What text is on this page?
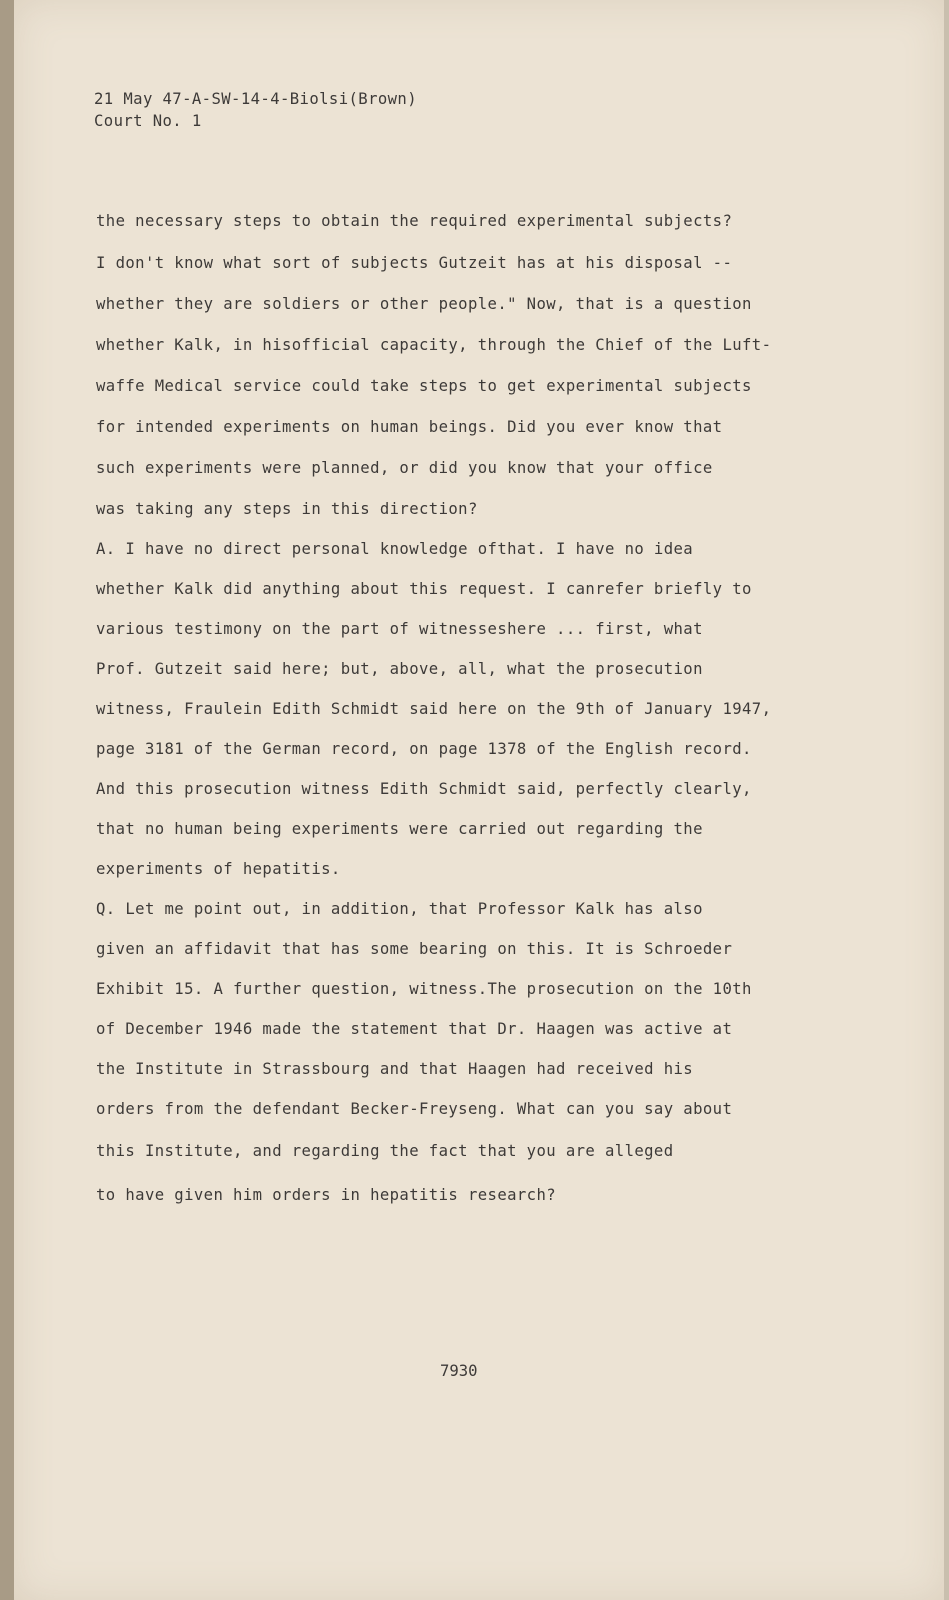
21 May 47-A-SW-14-4-Biolsi(Brown)
Court No. 1
the necessary steps to obtain the required experimental subjects?
I don't know what sort of subjects Gutzeit has at his disposal --
whether they are soldiers or other people." Now, that is a question
whether Kalk, in hisofficial capacity, through the Chief of the Luft-
waffe Medical service could take steps to get experimental subjects
for intended experiments on human beings. Did you ever know that
such experiments were planned, or did you know that your office
was taking any steps in this direction?
A. I have no direct personal knowledge ofthat. I have no idea
whether Kalk did anything about this request. I canrefer briefly to
various testimony on the part of witnesseshere ... first, what
Prof. Gutzeit said here; but, above, all, what the prosecution
witness, Fraulein Edith Schmidt said here on the 9th of January 1947,
page 3181 of the German record, on page 1378 of the English record.
And this prosecution witness Edith Schmidt said, perfectly clearly,
that no human being experiments were carried out regarding the
experiments of hepatitis.
Q. Let me point out, in addition, that Professor Kalk has also
given an affidavit that has some bearing on this. It is Schroeder
Exhibit 15. A further question, witness.The prosecution on the 10th
of December 1946 made the statement that Dr. Haagen was active at
the Institute in Strassbourg and that Haagen had received his
orders from the defendant Becker-Freyseng. What can you say about
this Institute, and regarding the fact that you are alleged
to have given him orders in hepatitis research?
7930
